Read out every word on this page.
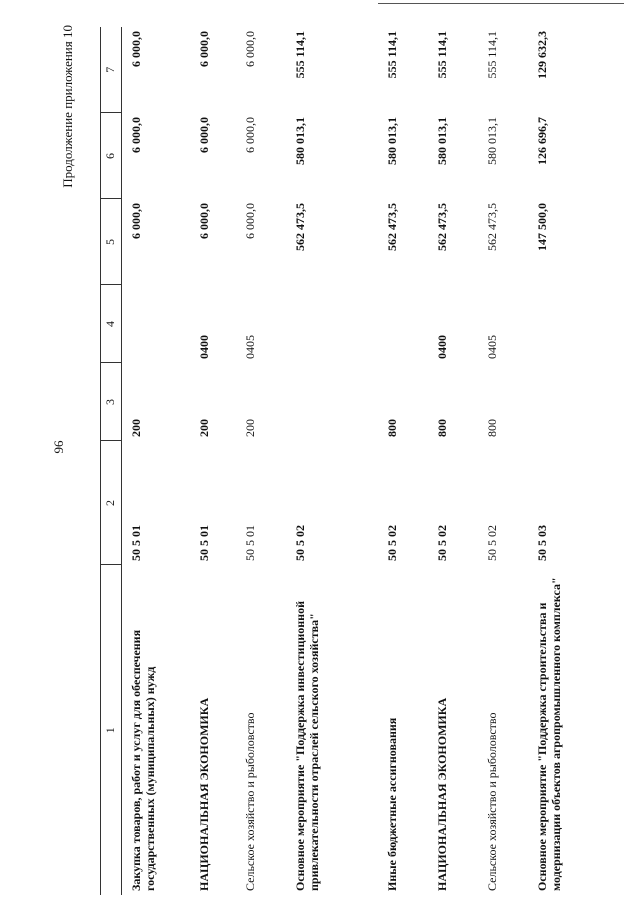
96
Продолжение приложения 10
1	2	3	4	5	6	7
Закупка товаров, работ и услуг для обеспечения государственных (муниципальных) нужд	50 5 01	200		6 000,0	6 000,0	6 000,0
НАЦИОНАЛЬНАЯ ЭКОНОМИКА	50 5 01	200	0400	6 000,0	6 000,0	6 000,0
Сельское хозяйство и рыболовство	50 5 01	200	0405	6 000,0	6 000,0	6 000,0
Основное мероприятие "Поддержка инвестиционной привлекательности отраслей сельского хозяйства"	50 5 02			562 473,5	580 013,1	555 114,1
Иные бюджетные ассигнования	50 5 02	800		562 473,5	580 013,1	555 114,1
НАЦИОНАЛЬНАЯ ЭКОНОМИКА	50 5 02	800	0400	562 473,5	580 013,1	555 114,1
Сельское хозяйство и рыболовство	50 5 02	800	0405	562 473,5	580 013,1	555 114,1
Основное мероприятие "Поддержка строительства и модернизации объектов агропромышленного комплекса"	50 5 03			147 500,0	126 696,7	129 632,3
